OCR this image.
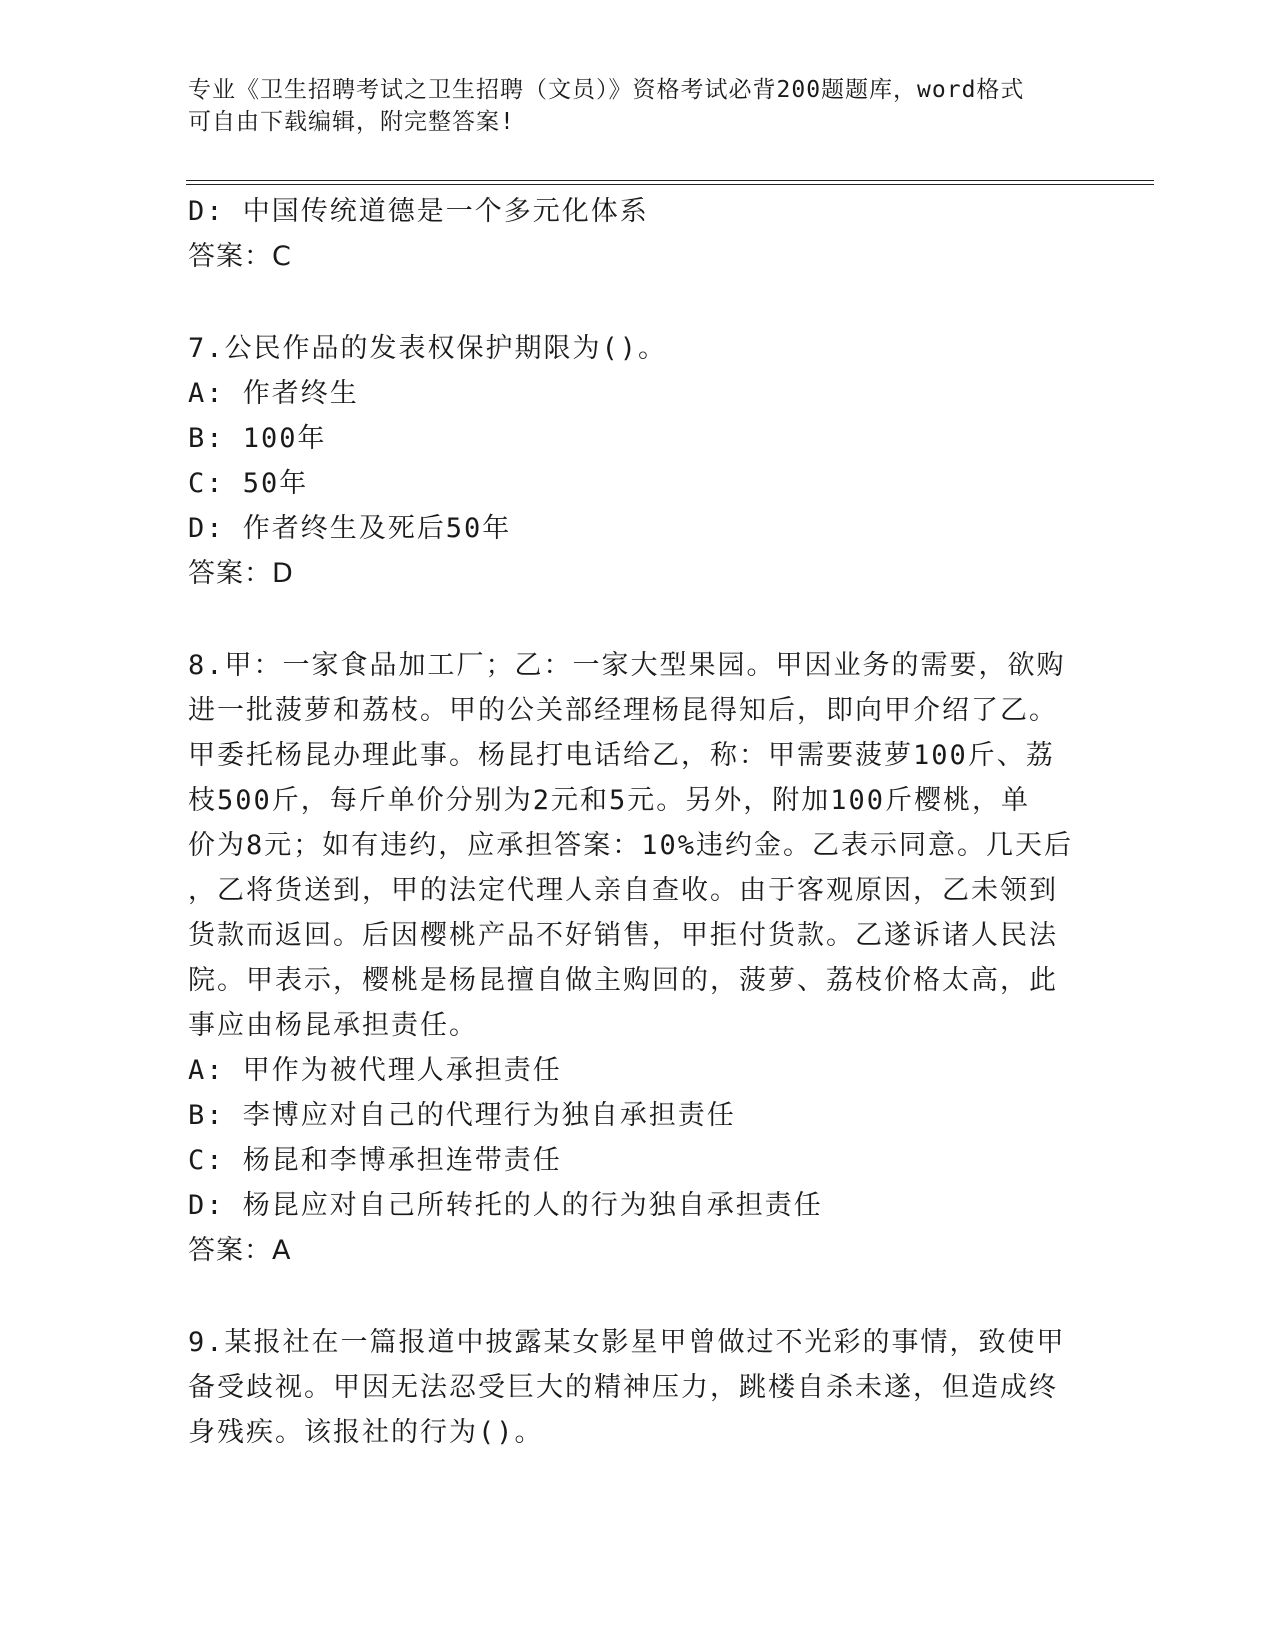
专业《卫生招聘考试之卫生招聘（文员）》资格考试必背200题题库，word格式
可自由下载编辑，附完整答案!
D: 中国传统道德是一个多元化体系
答案：C
7.公民作品的发表权保护期限为()。
A: 作者终生
B: 100年
C: 50年
D: 作者终生及死后50年
答案：D
8.甲：一家食品加工厂；乙：一家大型果园。甲因业务的需要，欲购
进一批菠萝和荔枝。甲的公关部经理杨昆得知后，即向甲介绍了乙。
甲委托杨昆办理此事。杨昆打电话给乙，称：甲需要菠萝100斤、荔
枝500斤，每斤单价分别为2元和5元。另外，附加100斤樱桃，单
价为8元；如有违约，应承担答案：10%违约金。乙表示同意。几天后
，乙将货送到，甲的法定代理人亲自查收。由于客观原因，乙未领到
货款而返回。后因樱桃产品不好销售，甲拒付货款。乙遂诉诸人民法
院。甲表示，樱桃是杨昆擅自做主购回的，菠萝、荔枝价格太高，此
事应由杨昆承担责任。
A: 甲作为被代理人承担责任
B: 李博应对自己的代理行为独自承担责任
C: 杨昆和李博承担连带责任
D: 杨昆应对自己所转托的人的行为独自承担责任
答案：A
9.某报社在一篇报道中披露某女影星甲曾做过不光彩的事情，致使甲
备受歧视。甲因无法忍受巨大的精神压力，跳楼自杀未遂，但造成终
身残疾。该报社的行为()。
